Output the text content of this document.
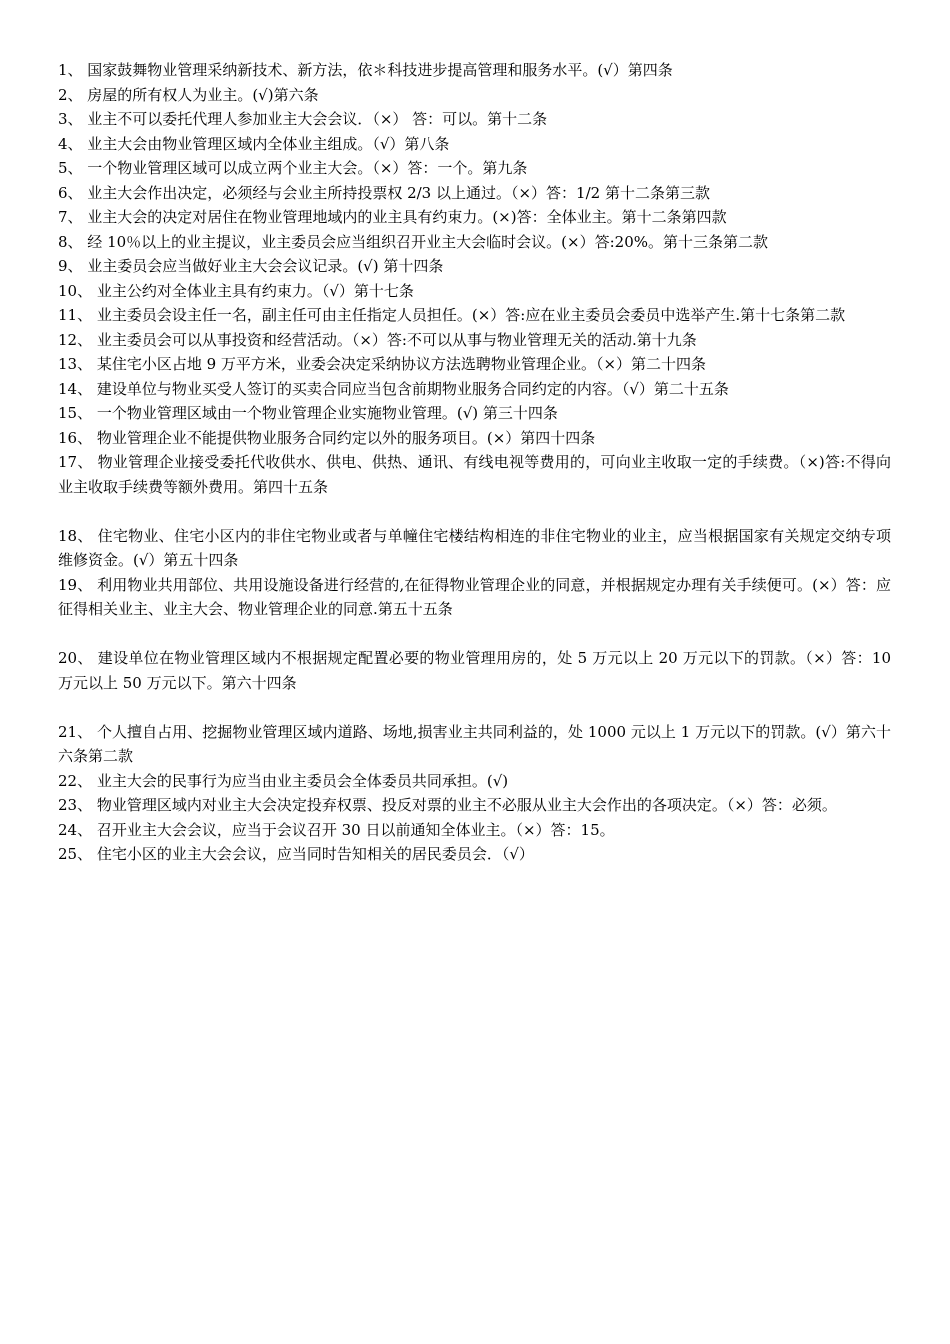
1、 国家鼓舞物业管理采纳新技术、新方法，依＊科技进步提高管理和服务水平。(√）第四条

2、 房屋的所有权人为业主。(√)第六条

3、 业主不可以委托代理人参加业主大会会议．（×） 答：可以。第十二条

4、 业主大会由物业管理区域内全体业主组成。（√）第八条

5、 一个物业管理区域可以成立两个业主大会。（×）答：一个。第九条

6、 业主大会作出决定，必须经与会业主所持投票权 2/3 以上通过。（×）答：1/2 第十二条第三款

7、 业主大会的决定对居住在物业管理地域内的业主具有约束力。(×)答：全体业主。第十二条第四款

8、 经 10％以上的业主提议，业主委员会应当组织召开业主大会临时会议。(×）答:20%。第十三条第二款

9、 业主委员会应当做好业主大会会议记录。(√) 第十四条

10、 业主公约对全体业主具有约束力。（√）第十七条

11、 业主委员会设主任一名，副主任可由主任指定人员担任。(×）答:应在业主委员会委员中选举产生.第十七条第二款

12、 业主委员会可以从事投资和经营活动。（×）答:不可以从事与物业管理无关的活动.第十九条

13、 某住宅小区占地 9 万平方米，业委会决定采纳协议方法选聘物业管理企业。（×）第二十四条

14、 建设单位与物业买受人签订的买卖合同应当包含前期物业服务合同约定的内容。（√）第二十五条

15、 一个物业管理区域由一个物业管理企业实施物业管理。(√) 第三十四条

16、 物业管理企业不能提供物业服务合同约定以外的服务项目。(×）第四十四条

17、 物业管理企业接受委托代收供水、供电、供热、通讯、有线电视等费用的，可向业主收取一定的手续费。（×)答:不得向业主收取手续费等额外费用。第四十五条

18、 住宅物业、住宅小区内的非住宅物业或者与单幢住宅楼结构相连的非住宅物业的业主，应当根据国家有关规定交纳专项维修资金。(√）第五十四条

19、 利用物业共用部位、共用设施设备进行经营的,在征得物业管理企业的同意，并根据规定办理有关手续便可。(×）答：应征得相关业主、业主大会、物业管理企业的同意.第五十五条

20、 建设单位在物业管理区域内不根据规定配置必要的物业管理用房的，处 5 万元以上 20 万元以下的罚款。（×）答：10 万元以上 50 万元以下。第六十四条

21、 个人擅自占用、挖掘物业管理区域内道路、场地,损害业主共同利益的，处 1000 元以上 1 万元以下的罚款。(√）第六十六条第二款

22、 业主大会的民事行为应当由业主委员会全体委员共同承担。(√)

23、 物业管理区域内对业主大会决定投弃权票、投反对票的业主不必服从业主大会作出的各项决定。（×）答：必须。

24、 召开业主大会会议，应当于会议召开 30 日以前通知全体业主。（×）答：15。

25、 住宅小区的业主大会会议，应当同时告知相关的居民委员会．（√）
